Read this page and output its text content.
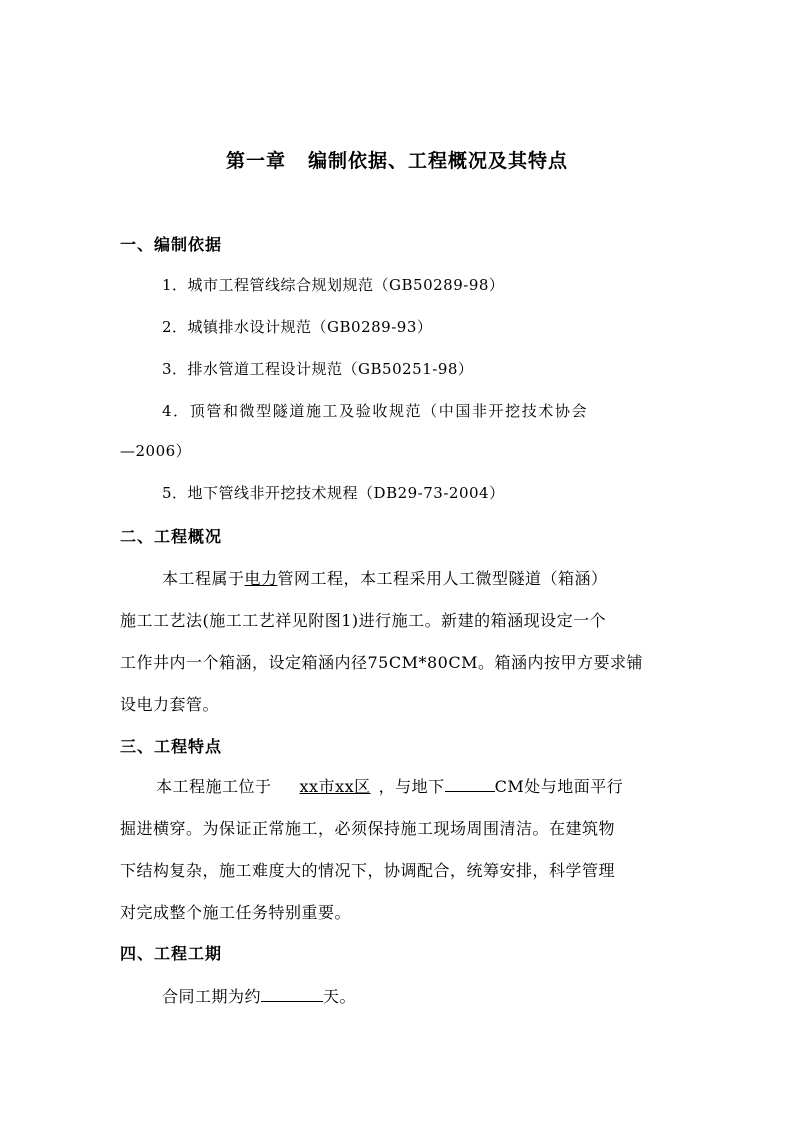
第一章 编制依据、工程概况及其特点
一、编制依据
1．城市工程管线综合规划规范（GB50289-98）
2．城镇排水设计规范（GB0289-93）
3．排水管道工程设计规范（GB50251-98）
4．顶管和微型隧道施工及验收规范（中国非开挖技术协会
—2006）
5．地下管线非开挖技术规程（DB29-73-2004）
二、工程概况
本工程属于电力管网工程，本工程采用人工微型隧道（箱涵）
施工工艺法(施工工艺祥见附图1)进行施工。新建的箱涵现设定一个
工作井内一个箱涵，设定箱涵内径75CM*80CM。箱涵内按甲方要求铺
设电力套管。
三、工程特点
本工程施工位于 xx市xx区 ，与地下	CM处与地面平行
掘进横穿。为保证正常施工，必须保持施工现场周围清洁。在建筑物
下结构复杂，施工难度大的情况下，协调配合，统筹安排，科学管理
对完成整个施工任务特别重要。
四、工程工期
合同工期为约	天。
